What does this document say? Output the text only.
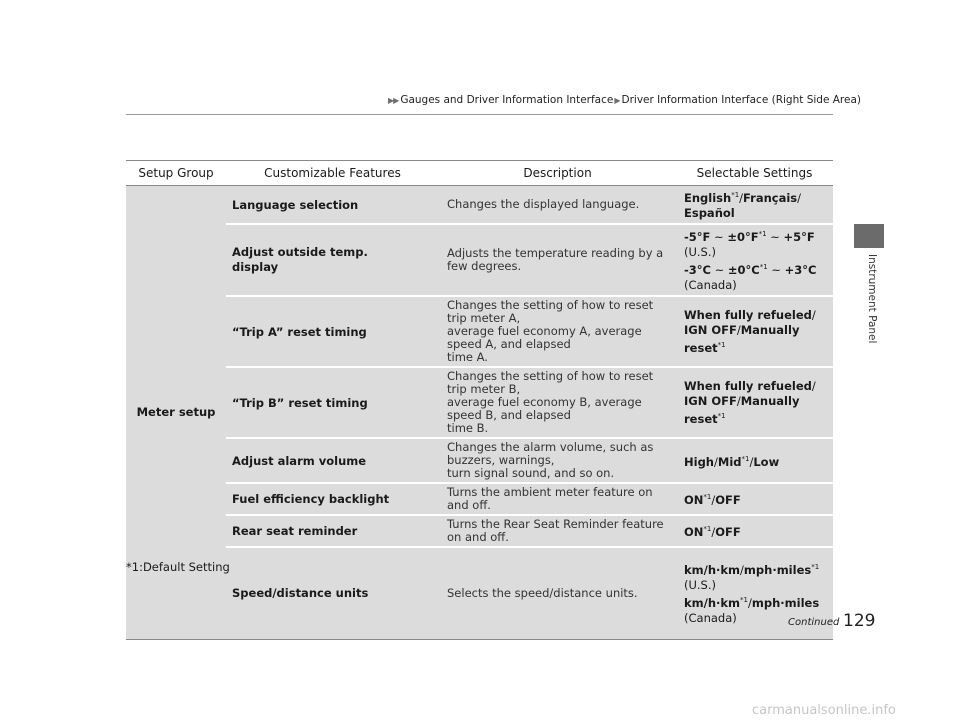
▶▶ Gauges and Driver Information Interface▶Driver Information Interface (Right Side Area)
Instrument Panel
Setup Group	Customizable Features	Description	Selectable Settings
Meter setup	Language selection	Changes the displayed language.	English$^{*1}$/Français/
Español
	Adjust outside temp.
display	Adjusts the temperature reading by a few degrees.	-5°F ~ $\pm 0^\circ F^{*1}$ ~ +5°F
(U.S.)
-3°C ~ $\pm 0^\circ C^{*1}$ ~ +3°C
(Canada)
	“Trip A” reset timing	Changes the setting of how to reset trip meter A,
average fuel economy A, average speed A, and elapsed
time A.	When fully refueled/
IGN OFF/Manually reset$^{*1}$
	“Trip B” reset timing	Changes the setting of how to reset trip meter B,
average fuel economy B, average speed B, and elapsed
time B.	When fully refueled/
IGN OFF/Manually reset$^{*1}$
	Adjust alarm volume	Changes the alarm volume, such as buzzers, warnings,
turn signal sound, and so on.	High/Mid$^{*1}$/Low
	Fuel efficiency backlight	Turns the ambient meter feature on and off.	ON$^{*1}$/OFF
	Rear seat reminder	Turns the Rear Seat Reminder feature on and off.	ON$^{*1}$/OFF
	Speed/distance units	Selects the speed/distance units.	km/h·km/mph·miles$^{*1}$
(U.S.)
$km/h\cdot km^{*1}/mph\cdot miles$
(Canada)
*1:Default Setting
Continued 129
carmanualsonline.info
